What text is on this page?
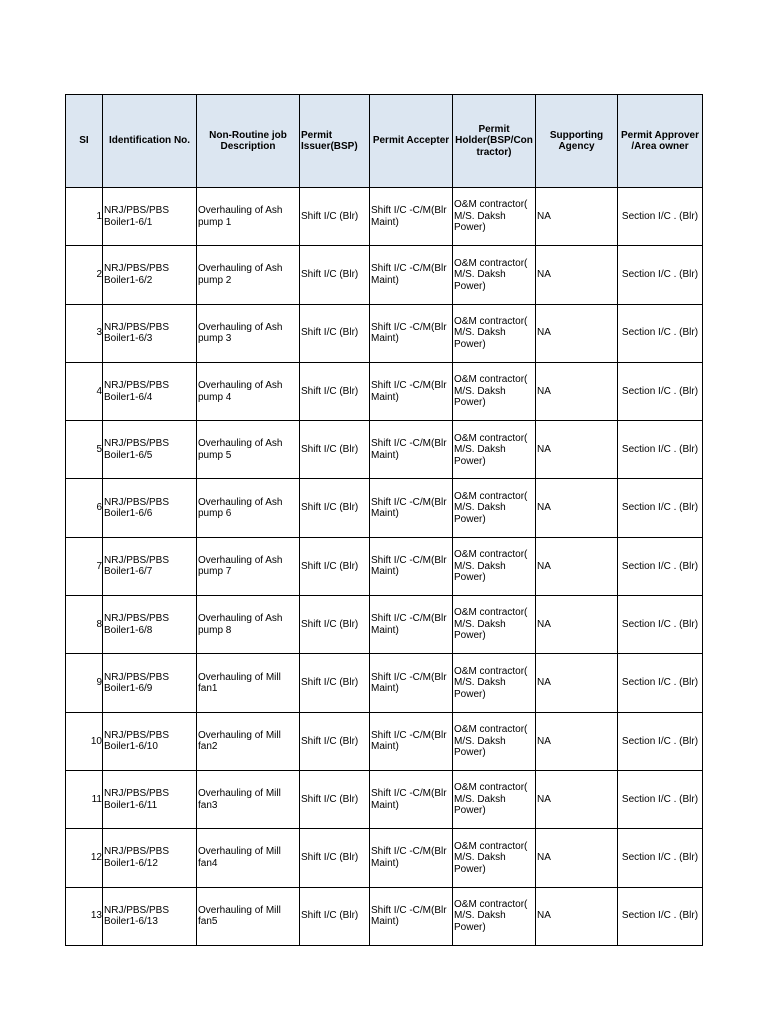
SI	Identification No.	Non-Routine job Description	Permit Issuer(BSP)	Permit Accepter	Permit Holder(BSP/Contractor)	Supporting Agency	Permit Approver /Area owner
1	NRJ/PBS/PBS Boiler1-6/1	Overhauling of Ash pump 1	Shift I/C (Blr)	Shift I/C -C/M(Blr Maint)	O&M contractor( M/S. Daksh Power)	NA	Section I/C . (Blr)
2	NRJ/PBS/PBS Boiler1-6/2	Overhauling of Ash pump 2	Shift I/C (Blr)	Shift I/C -C/M(Blr Maint)	O&M contractor( M/S. Daksh Power)	NA	Section I/C . (Blr)
3	NRJ/PBS/PBS Boiler1-6/3	Overhauling of Ash pump 3	Shift I/C (Blr)	Shift I/C -C/M(Blr Maint)	O&M contractor( M/S. Daksh Power)	NA	Section I/C . (Blr)
4	NRJ/PBS/PBS Boiler1-6/4	Overhauling of Ash pump 4	Shift I/C (Blr)	Shift I/C -C/M(Blr Maint)	O&M contractor( M/S. Daksh Power)	NA	Section I/C . (Blr)
5	NRJ/PBS/PBS Boiler1-6/5	Overhauling of Ash pump 5	Shift I/C (Blr)	Shift I/C -C/M(Blr Maint)	O&M contractor( M/S. Daksh Power)	NA	Section I/C . (Blr)
6	NRJ/PBS/PBS Boiler1-6/6	Overhauling of Ash pump 6	Shift I/C (Blr)	Shift I/C -C/M(Blr Maint)	O&M contractor( M/S. Daksh Power)	NA	Section I/C . (Blr)
7	NRJ/PBS/PBS Boiler1-6/7	Overhauling of Ash pump 7	Shift I/C (Blr)	Shift I/C -C/M(Blr Maint)	O&M contractor( M/S. Daksh Power)	NA	Section I/C . (Blr)
8	NRJ/PBS/PBS Boiler1-6/8	Overhauling of Ash pump 8	Shift I/C (Blr)	Shift I/C -C/M(Blr Maint)	O&M contractor( M/S. Daksh Power)	NA	Section I/C . (Blr)
9	NRJ/PBS/PBS Boiler1-6/9	Overhauling of Mill fan1	Shift I/C (Blr)	Shift I/C -C/M(Blr Maint)	O&M contractor( M/S. Daksh Power)	NA	Section I/C . (Blr)
10	NRJ/PBS/PBS Boiler1-6/10	Overhauling of Mill fan2	Shift I/C (Blr)	Shift I/C -C/M(Blr Maint)	O&M contractor( M/S. Daksh Power)	NA	Section I/C . (Blr)
11	NRJ/PBS/PBS Boiler1-6/11	Overhauling of Mill fan3	Shift I/C (Blr)	Shift I/C -C/M(Blr Maint)	O&M contractor( M/S. Daksh Power)	NA	Section I/C . (Blr)
12	NRJ/PBS/PBS Boiler1-6/12	Overhauling of Mill fan4	Shift I/C (Blr)	Shift I/C -C/M(Blr Maint)	O&M contractor( M/S. Daksh Power)	NA	Section I/C . (Blr)
13	NRJ/PBS/PBS Boiler1-6/13	Overhauling of Mill fan5	Shift I/C (Blr)	Shift I/C -C/M(Blr Maint)	O&M contractor( M/S. Daksh Power)	NA	Section I/C . (Blr)
